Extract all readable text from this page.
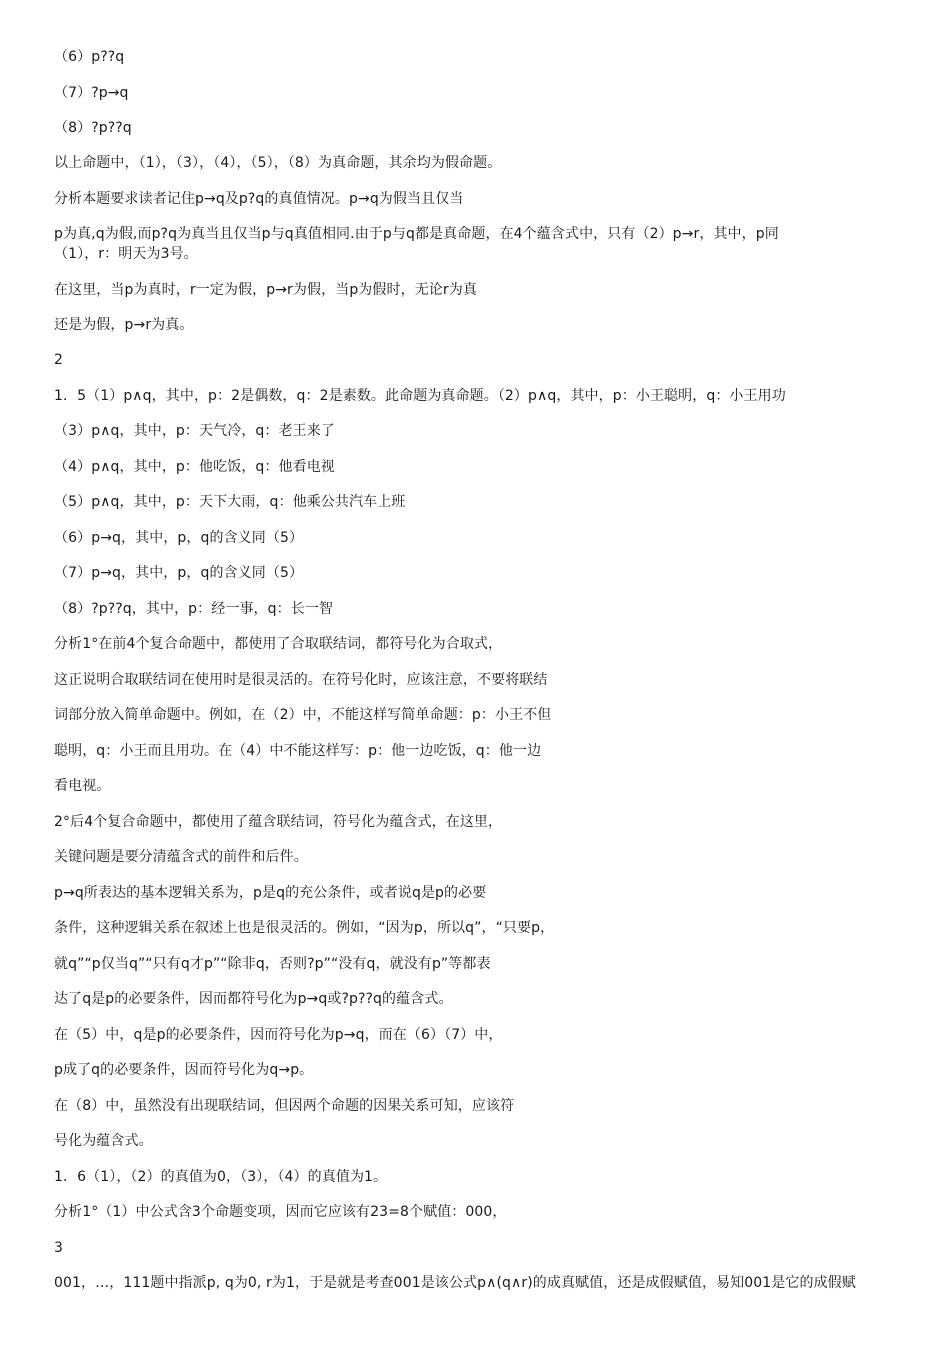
（6）p??q
（7）?p→q
（8）?p??q
以上命题中，（1），（3），（4），（5），（8）为真命题，其余均为假命题。
分析本题要求读者记住p→q及p?q的真值情况。p→q为假当且仅当
p为真,q为假,而p?q为真当且仅当p与q真值相同.由于p与q都是真命题，在4个蕴含式中，只有（2）p→r，其中，p同
（1），r：明天为3号。
在这里，当p为真时，r一定为假，p→r为假，当p为假时，无论r为真
还是为假，p→r为真。
2
1．5（1）p∧q，其中，p：2是偶数，q：2是素数。此命题为真命题。（2）p∧q，其中，p：小王聪明，q：小王用功
（3）p∧q，其中，p：天气冷，q：老王来了
（4）p∧q，其中，p：他吃饭，q：他看电视
（5）p∧q，其中，p：天下大雨，q：他乘公共汽车上班
（6）p→q，其中，p，q的含义同（5）
（7）p→q，其中，p，q的含义同（5）
（8）?p??q，其中，p：经一事，q：长一智
分析1°在前4个复合命题中，都使用了合取联结词，都符号化为合取式，
这正说明合取联结词在使用时是很灵活的。在符号化时，应该注意，不要将联结
词部分放入简单命题中。例如，在（2）中，不能这样写简单命题：p：小王不但
聪明，q：小王而且用功。在（4）中不能这样写：p：他一边吃饭，q：他一边
看电视。
2°后4个复合命题中，都使用了蕴含联结词，符号化为蕴含式，在这里，
关键问题是要分清蕴含式的前件和后件。
p→q所表达的基本逻辑关系为，p是q的充公条件，或者说q是p的必要
条件，这种逻辑关系在叙述上也是很灵活的。例如，“因为p，所以q”，“只要p，
就q”“p仅当q”“只有q才p”“除非q，否则?p”“没有q，就没有p”等都表
达了q是p的必要条件，因而都符号化为p→q或?p??q的蕴含式。
在（5）中，q是p的必要条件，因而符号化为p→q，而在（6）（7）中，
p成了q的必要条件，因而符号化为q→p。
在（8）中，虽然没有出现联结词，但因两个命题的因果关系可知，应该符
号化为蕴含式。
1．6（1），（2）的真值为0，（3），（4）的真值为1。
分析1°（1）中公式含3个命题变项，因而它应该有23=8个赋值：000，
3
001，…，111题中指派p, q为0, r为1，于是就是考查001是该公式p∧(q∧r)的成真赋值，还是成假赋值，易知001是它的成假赋
